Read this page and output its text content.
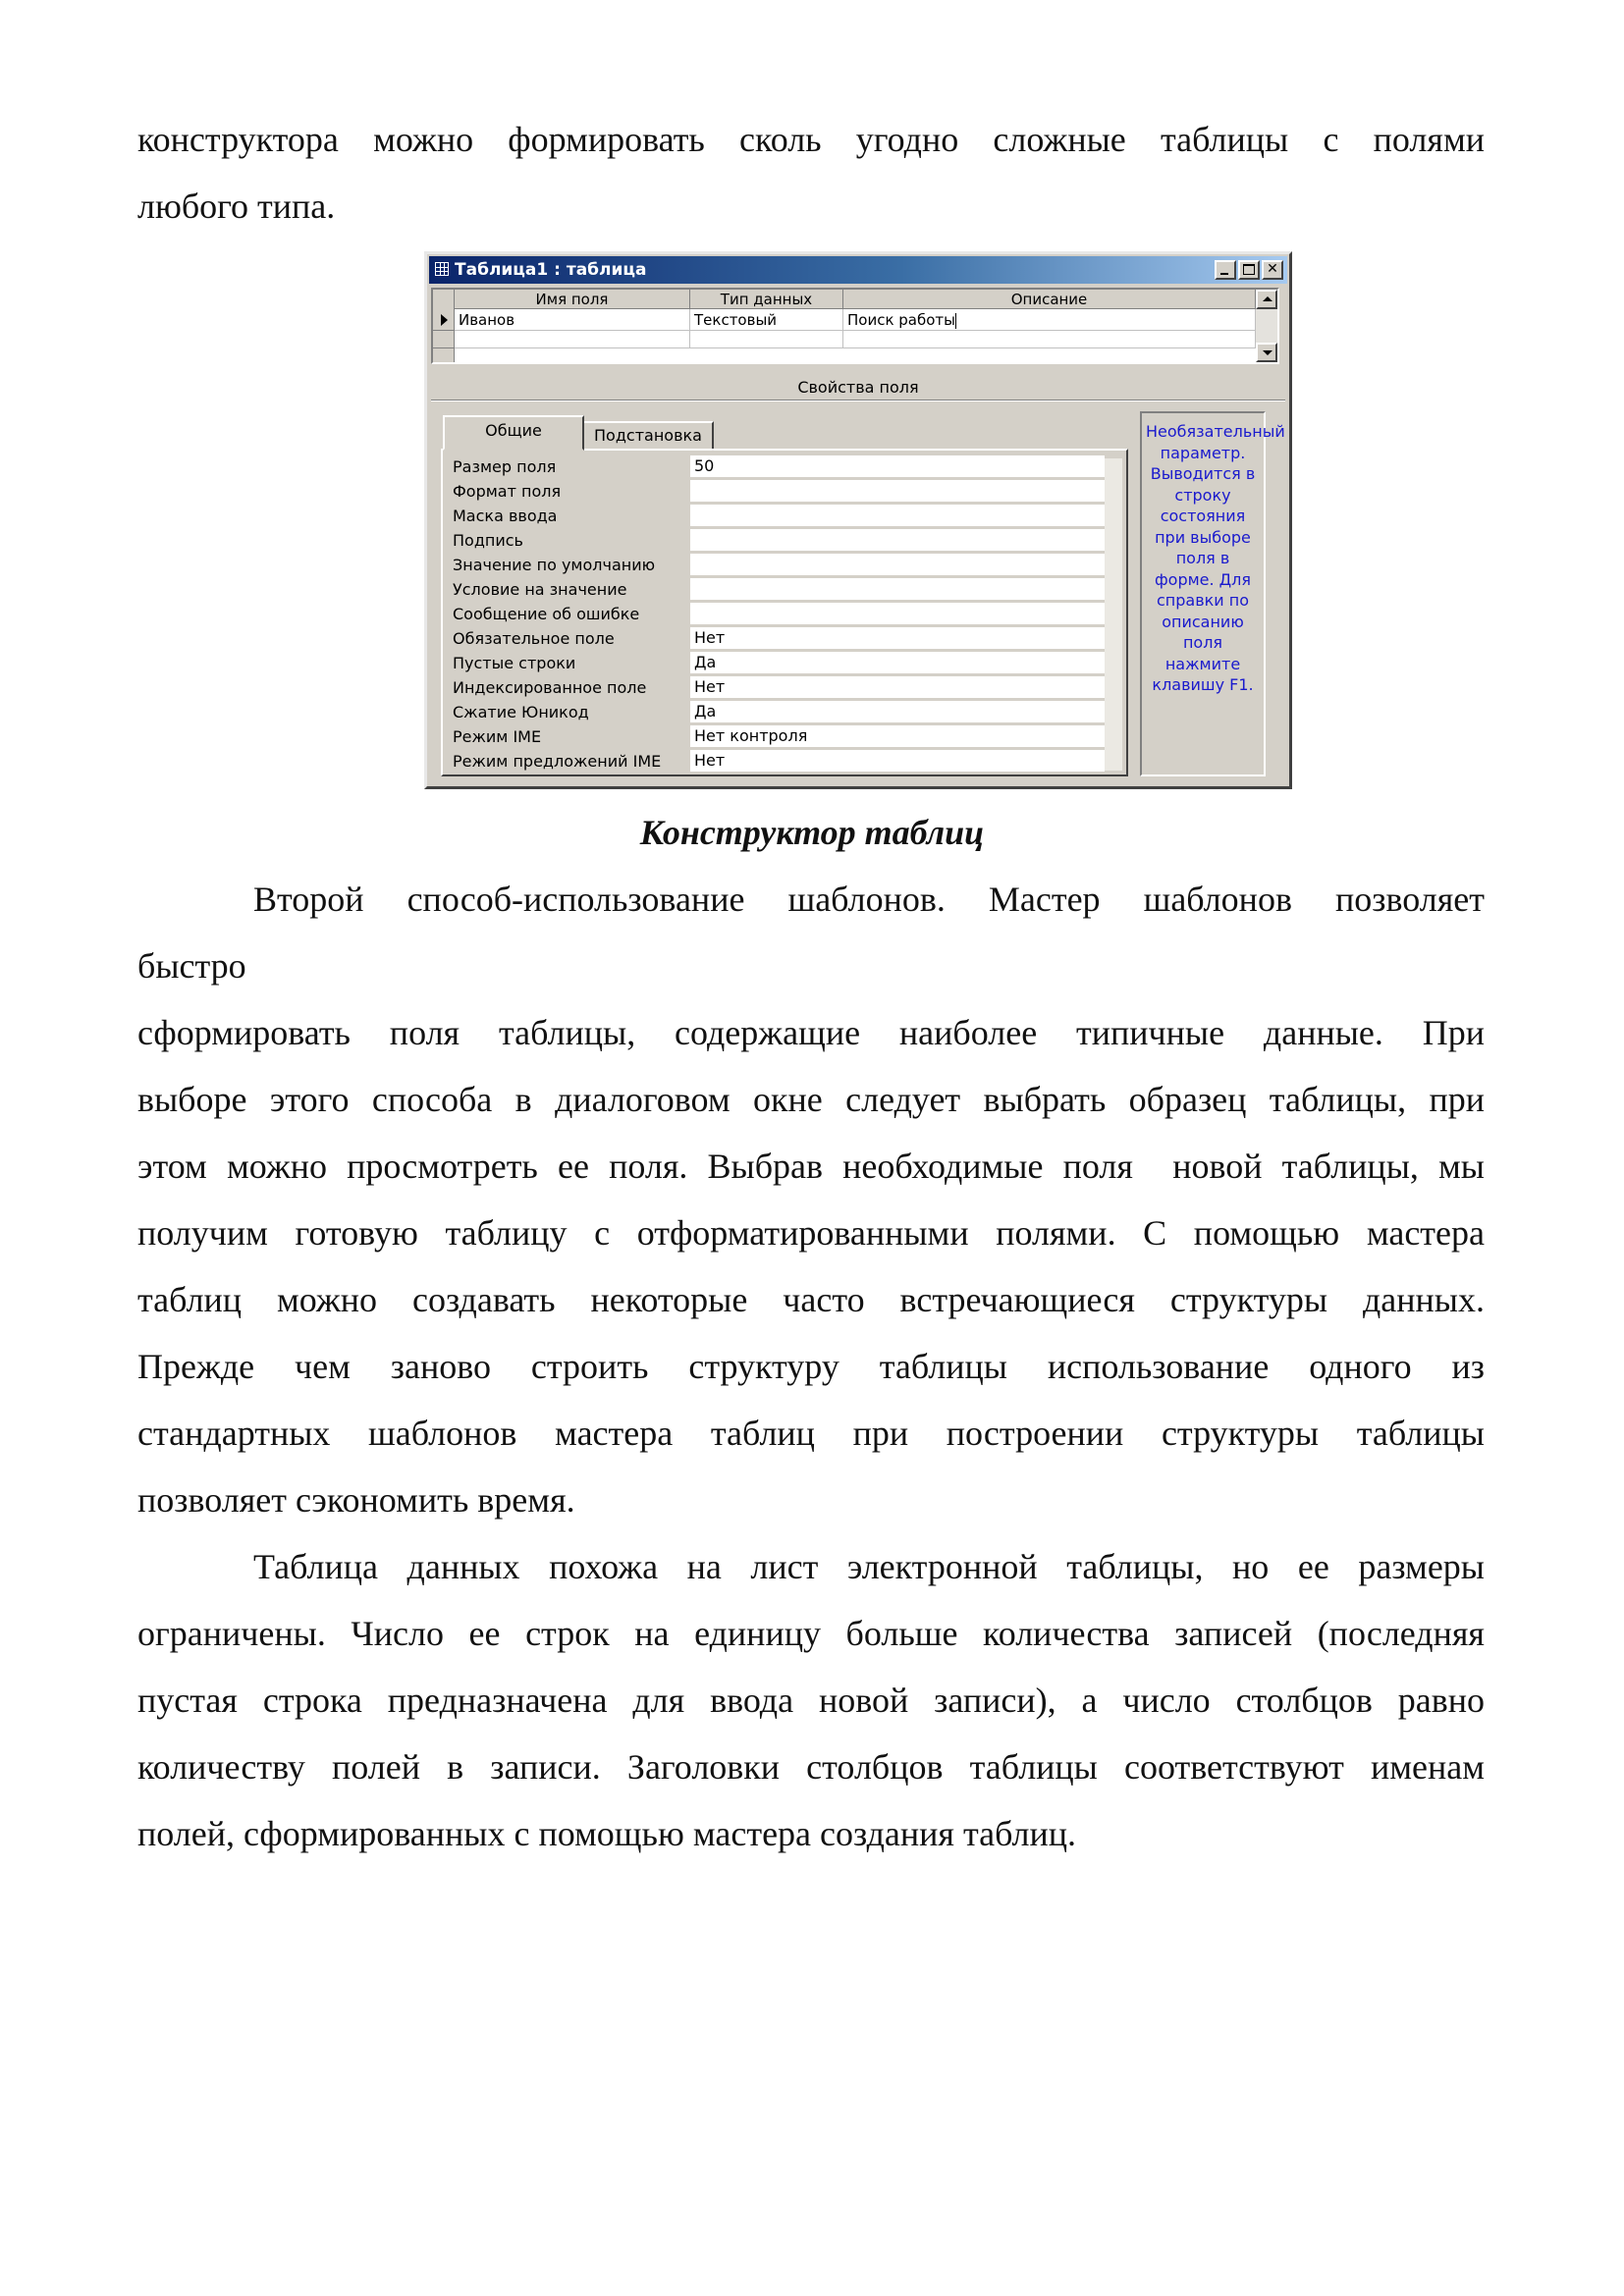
конструктора можно формировать сколь угодно сложные таблицы с полями
любого типа.
Таблица1 : таблица	✕
Имя поля	Тип данных	Описание
Иванов	Текстовый	Поиск работы
Свойства поля
Общие	Подстановка
Размер поля	50
Формат поля
Маска ввода
Подпись
Значение по умолчанию
Условие на значение
Сообщение об ошибке
Обязательное поле	Нет
Пустые строки	Да
Индексированное поле	Нет
Сжатие Юникод	Да
Режим IME	Нет контроля
Режим предложений IME Нет
Необязательный параметр. Выводится в строку состояния при выборе поля в форме. Для справки по описанию поля нажмите клавишу F1.
Конструктор таблиц
Второй способ-использование шаблонов. Мастер шаблонов позволяет
быстро
сформировать поля таблицы, содержащие наиболее типичные данные. При
выборе этого способа в диалоговом окне следует выбрать образец таблицы, при
этом можно просмотреть ее поля. Выбрав необходимые поля  новой таблицы, мы
получим готовую таблицу с отформатированными полями. С помощью мастера
таблиц можно создавать некоторые часто встречающиеся структуры данных.
Прежде чем заново строить структуру таблицы использование одного из
стандартных шаблонов мастера таблиц при построении структуры таблицы
позволяет сэкономить время.
Таблица данных похожа на лист электронной таблицы, но ее размеры
ограничены. Число ее строк на единицу больше количества записей (последняя
пустая строка предназначена для ввода новой записи), а число столбцов равно
количеству полей в записи. Заголовки столбцов таблицы соответствуют именам
полей, сформированных с помощью мастера создания таблиц.
